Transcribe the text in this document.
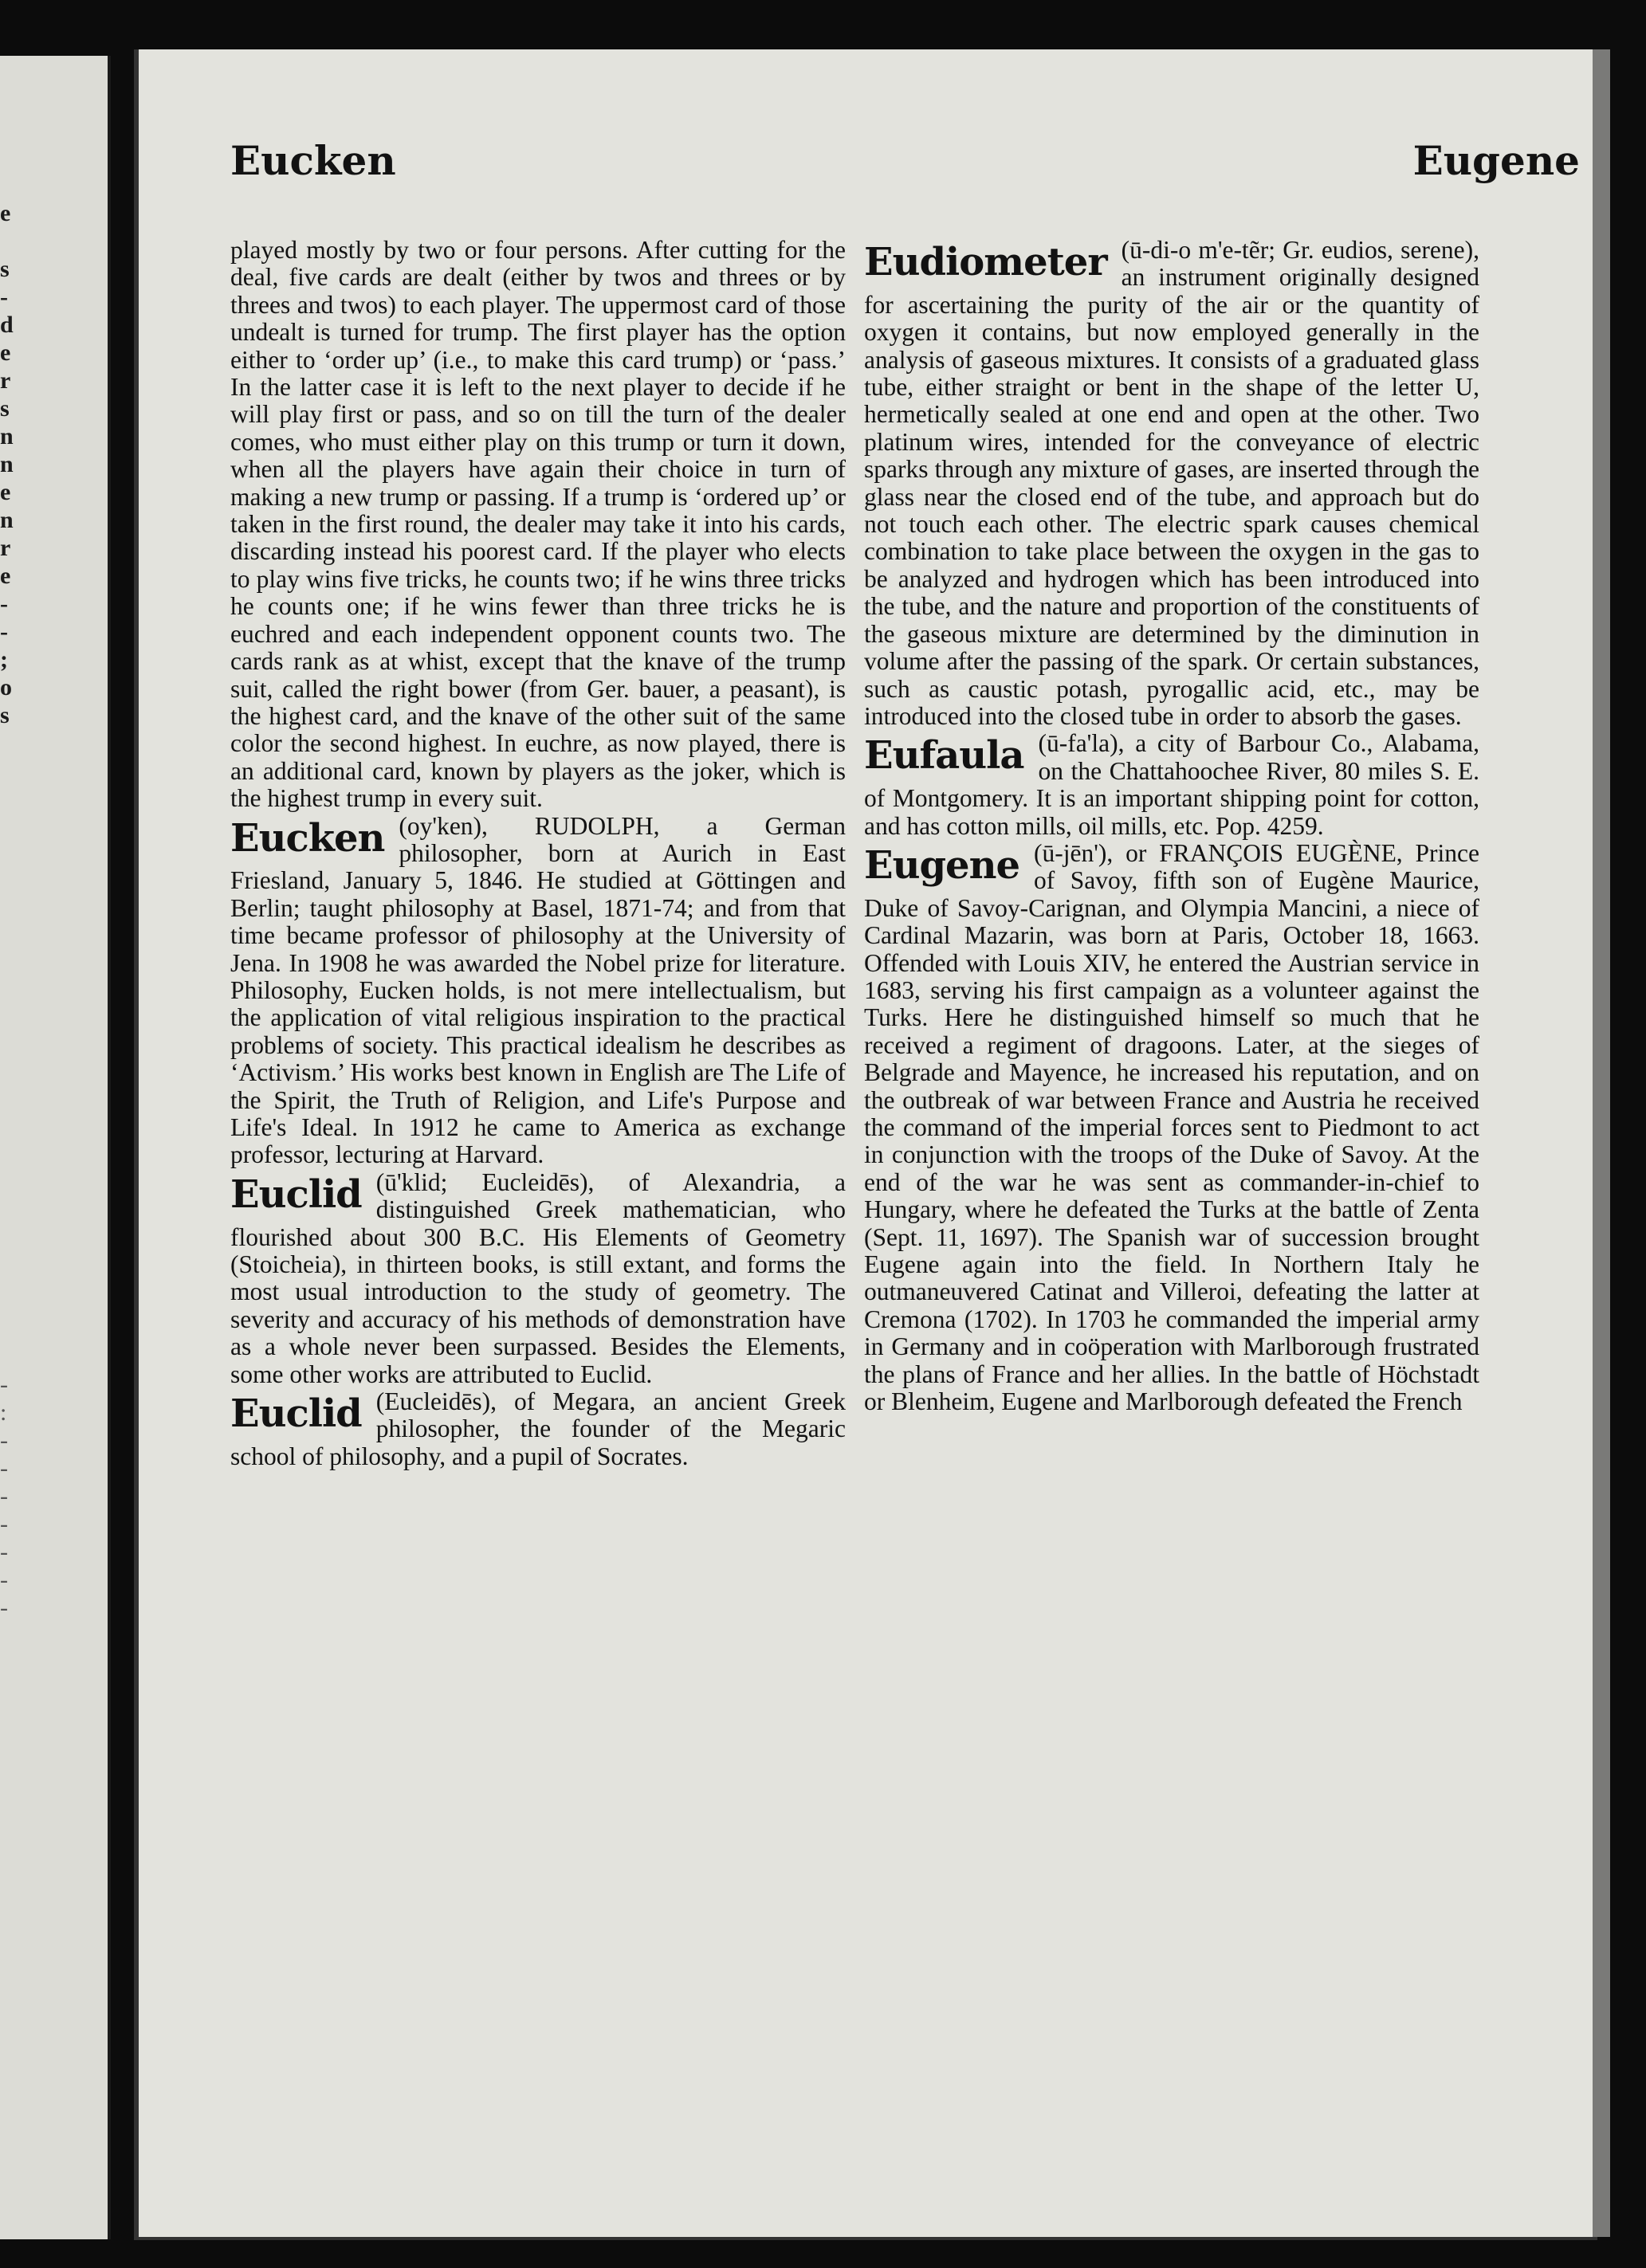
e

s
-
d
e
r
s
n
n
e
n
r
e
-
-
;
o
s
-
:
-
-
-
-
-
-
-
Eucken	Eugene

played mostly by two or four persons. After cutting for the deal, five cards are dealt (either by twos and threes or by threes and twos) to each player. The uppermost card of those undealt is turned for trump. The first player has the option either to ‘order up’ (i.e., to make this card trump) or ‘pass.’ In the latter case it is left to the next player to decide if he will play first or pass, and so on till the turn of the dealer comes, who must either play on this trump or turn it down, when all the players have again their choice in turn of making a new trump or passing. If a trump is ‘ordered up’ or taken in the first round, the dealer may take it into his cards, discarding instead his poorest card. If the player who elects to play wins five tricks, he counts two; if he wins three tricks he counts one; if he wins fewer than three tricks he is euchred and each independent opponent counts two. The cards rank as at whist, except that the knave of the trump suit, called the right bower (from Ger. bauer, a peasant), is the highest card, and the knave of the other suit of the same color the second highest. In euchre, as now played, there is an additional card, known by players as the joker, which is the highest trump in every suit.

Eucken (oy'ken), RUDOLPH, a German philosopher, born at Aurich in East Friesland, January 5, 1846. He studied at Göttingen and Berlin; taught philosophy at Basel, 1871-74; and from that time became professor of philosophy at the University of Jena. In 1908 he was awarded the Nobel prize for literature. Philosophy, Eucken holds, is not mere intellectualism, but the application of vital religious inspiration to the practical problems of society. This practical idealism he describes as ‘Activism.’ His works best known in English are The Life of the Spirit, the Truth of Religion, and Life's Purpose and Life's Ideal. In 1912 he came to America as exchange professor, lecturing at Harvard.
Euclid (ū'klid; Eucleidēs), of Alexandria, a distinguished Greek mathematician, who flourished about 300 B.C. His Elements of Geometry (Stoicheia), in thirteen books, is still extant, and forms the most usual introduction to the study of geometry. The severity and accuracy of his methods of demonstration have as a whole never been surpassed. Besides the Elements, some other works are attributed to Euclid.
Euclid (Eucleidēs), of Megara, an ancient Greek philosopher, the founder of the Megaric school of philosophy, and a pupil of Socrates.
Eudiometer (ū-di-o m'e-tẽr; Gr. eudios, serene), an instrument originally designed for ascertaining the purity of the air or the quantity of oxygen it contains, but now employed generally in the analysis of gaseous mixtures. It consists of a graduated glass tube, either straight or bent in the shape of the letter U, hermetically sealed at one end and open at the other. Two platinum wires, intended for the conveyance of electric sparks through any mixture of gases, are inserted through the glass near the closed end of the tube, and approach but do not touch each other. The electric spark causes chemical combination to take place between the oxygen in the gas to be analyzed and hydrogen which has been introduced into the tube, and the nature and proportion of the constituents of the gaseous mixture are determined by the diminution in volume after the passing of the spark. Or certain substances, such as caustic potash, pyrogallic acid, etc., may be introduced into the closed tube in order to absorb the gases.
Eufaula (ū-fa'la), a city of Barbour Co., Alabama, on the Chattahoochee River, 80 miles S. E. of Montgomery. It is an important shipping point for cotton, and has cotton mills, oil mills, etc. Pop. 4259.
Eugene (ū-jēn'), or FRANÇOIS EUGÈNE, Prince of Savoy, fifth son of Eugène Maurice, Duke of Savoy-Carignan, and Olympia Mancini, a niece of Cardinal Mazarin, was born at Paris, October 18, 1663. Offended with Louis XIV, he entered the Austrian service in 1683, serving his first campaign as a volunteer against the Turks. Here he distinguished himself so much that he received a regiment of dragoons. Later, at the sieges of Belgrade and Mayence, he increased his reputation, and on the outbreak of war between France and Austria he received the command of the imperial forces sent to Piedmont to act in conjunction with the troops of the Duke of Savoy. At the end of the war he was sent as commander-in-chief to Hungary, where he defeated the Turks at the battle of Zenta (Sept. 11, 1697). The Spanish war of succession brought Eugene again into the field. In Northern Italy he outmaneuvered Catinat and Villeroi, defeating the latter at Cremona (1702). In 1703 he commanded the imperial army in Germany and in coöperation with Marlborough frustrated the plans of France and her allies. In the battle of Höchstadt or Blenheim, Eugene and Marlborough defeated the French
